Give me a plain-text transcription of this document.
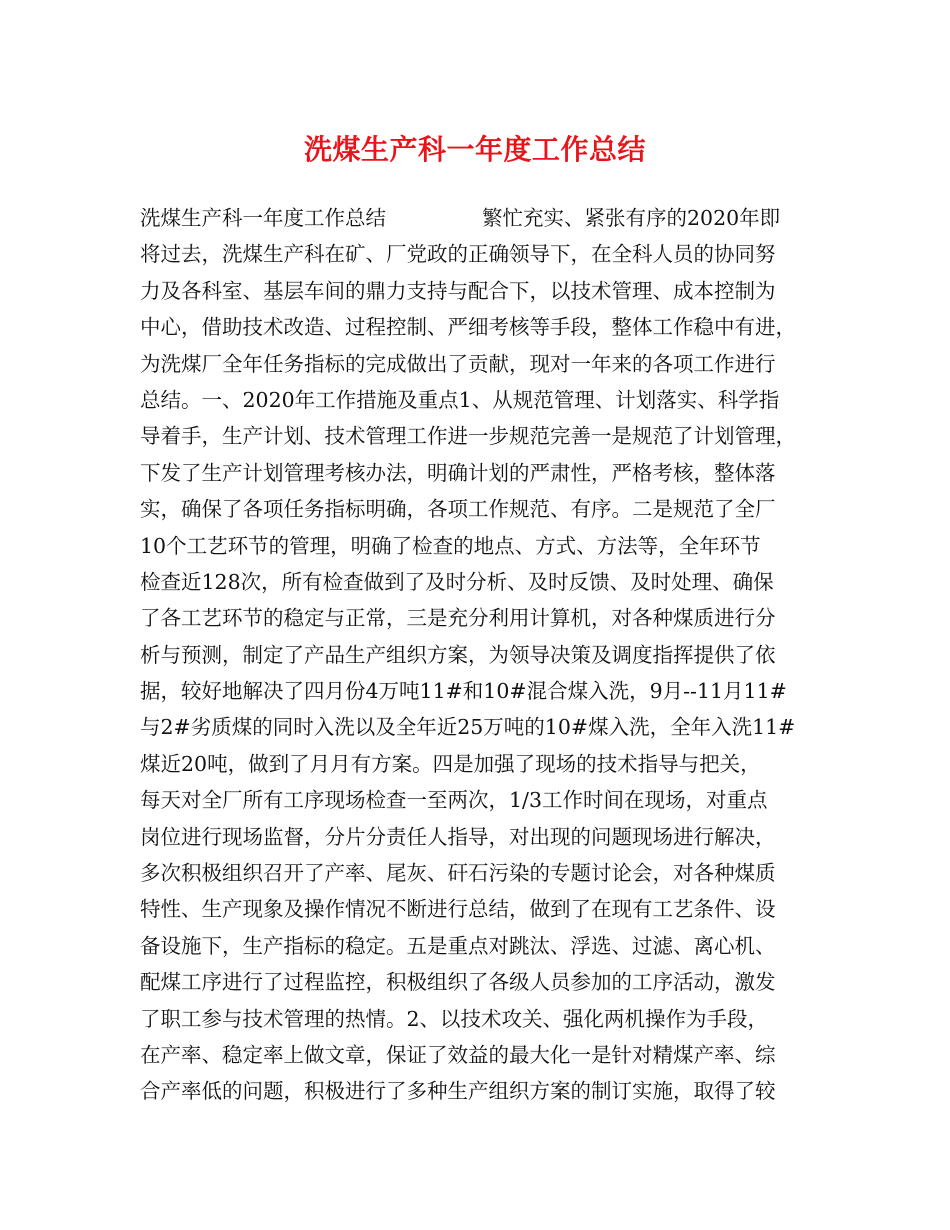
洗煤生产科一年度工作总结
洗煤生产科一年度工作总结	繁忙充实、紧张有序的2020年即
将过去，洗煤生产科在矿、厂党政的正确领导下，在全科人员的协同努
力及各科室、基层车间的鼎力支持与配合下，以技术管理、成本控制为
中心，借助技术改造、过程控制、严细考核等手段，整体工作稳中有进，
为洗煤厂全年任务指标的完成做出了贡献，现对一年来的各项工作进行
总结。一、2020年工作措施及重点1、从规范管理、计划落实、科学指
导着手，生产计划、技术管理工作进一步规范完善一是规范了计划管理，
下发了生产计划管理考核办法，明确计划的严肃性，严格考核，整体落
实，确保了各项任务指标明确，各项工作规范、有序。二是规范了全厂
10个工艺环节的管理，明确了检查的地点、方式、方法等，全年环节
检查近128次，所有检查做到了及时分析、及时反馈、及时处理、确保
了各工艺环节的稳定与正常，三是充分利用计算机，对各种煤质进行分
析与预测，制定了产品生产组织方案，为领导决策及调度指挥提供了依
据，较好地解决了四月份4万吨11#和10#混合煤入洗，9月--11月11#
与2#劣质煤的同时入洗以及全年近25万吨的10#煤入洗，全年入洗11#
煤近20吨，做到了月月有方案。四是加强了现场的技术指导与把关，
每天对全厂所有工序现场检查一至两次，1/3工作时间在现场，对重点
岗位进行现场监督，分片分责任人指导，对出现的问题现场进行解决，
多次积极组织召开了产率、尾灰、矸石污染的专题讨论会，对各种煤质
特性、生产现象及操作情况不断进行总结，做到了在现有工艺条件、设
备设施下，生产指标的稳定。五是重点对跳汰、浮选、过滤、离心机、
配煤工序进行了过程监控，积极组织了各级人员参加的工序活动，激发
了职工参与技术管理的热情。2、以技术攻关、强化两机操作为手段，
在产率、稳定率上做文章，保证了效益的最大化一是针对精煤产率、综
合产率低的问题，积极进行了多种生产组织方案的制订实施，取得了较
